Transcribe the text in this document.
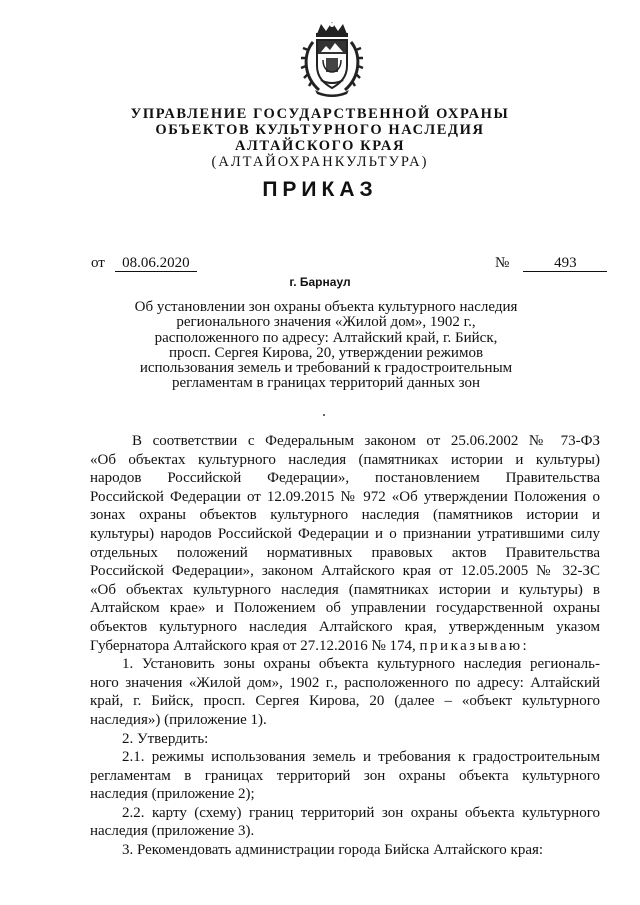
УПРАВЛЕНИЕ ГОСУДАРСТВЕННОЙ ОХРАНЫ
ОБЪЕКТОВ КУЛЬТУРНОГО НАСЛЕДИЯ
АЛТАЙСКОГО КРАЯ
(АЛТАЙОХРАНКУЛЬТУРА)
ПРИКАЗ
от 08.06.2020	№	493
г. Барнаул
Об установлении зон охраны объекта культурного наследия
регионального значения «Жилой дом», 1902 г.,
расположенного по адресу: Алтайский край, г. Бийск,
просп. Сергея Кирова, 20, утверждении режимов
использования земель и требований к градостроительным
регламентам в границах территорий данных зон
В соответствии с Федеральным законом от 25.06.2002 № 73-ФЗ
«Об объектах культурного наследия (памятниках истории и культуры)
народов Российской Федерации», постановлением Правительства
Российской Федерации от 12.09.2015 № 972 «Об утверждении Положения о
зонах охраны объектов культурного наследия (памятников истории и
культуры) народов Российской Федерации и о признании утратившими силу
отдельных положений нормативных правовых актов Правительства
Российской Федерации», законом Алтайского края от 12.05.2005 № 32-ЗС
«Об объектах культурного наследия (памятниках истории и культуры) в
Алтайском крае» и Положением об управлении государственной охраны
объектов культурного наследия Алтайского края, утвержденным указом
Губернатора Алтайского края от 27.12.2016 № 174, приказываю:
1. Установить зоны охраны объекта культурного наследия региональ-
ного значения «Жилой дом», 1902 г., расположенного по адресу: Алтайский
край, г. Бийск, просп. Сергея Кирова, 20 (далее – «объект культурного
наследия») (приложение 1).
2. Утвердить:
2.1. режимы использования земель и требования к градостроительным
регламентам в границах территорий зон охраны объекта культурного
наследия (приложение 2);
2.2. карту (схему) границ территорий зон охраны объекта культурного
наследия (приложение 3).
3. Рекомендовать администрации города Бийска Алтайского края:
